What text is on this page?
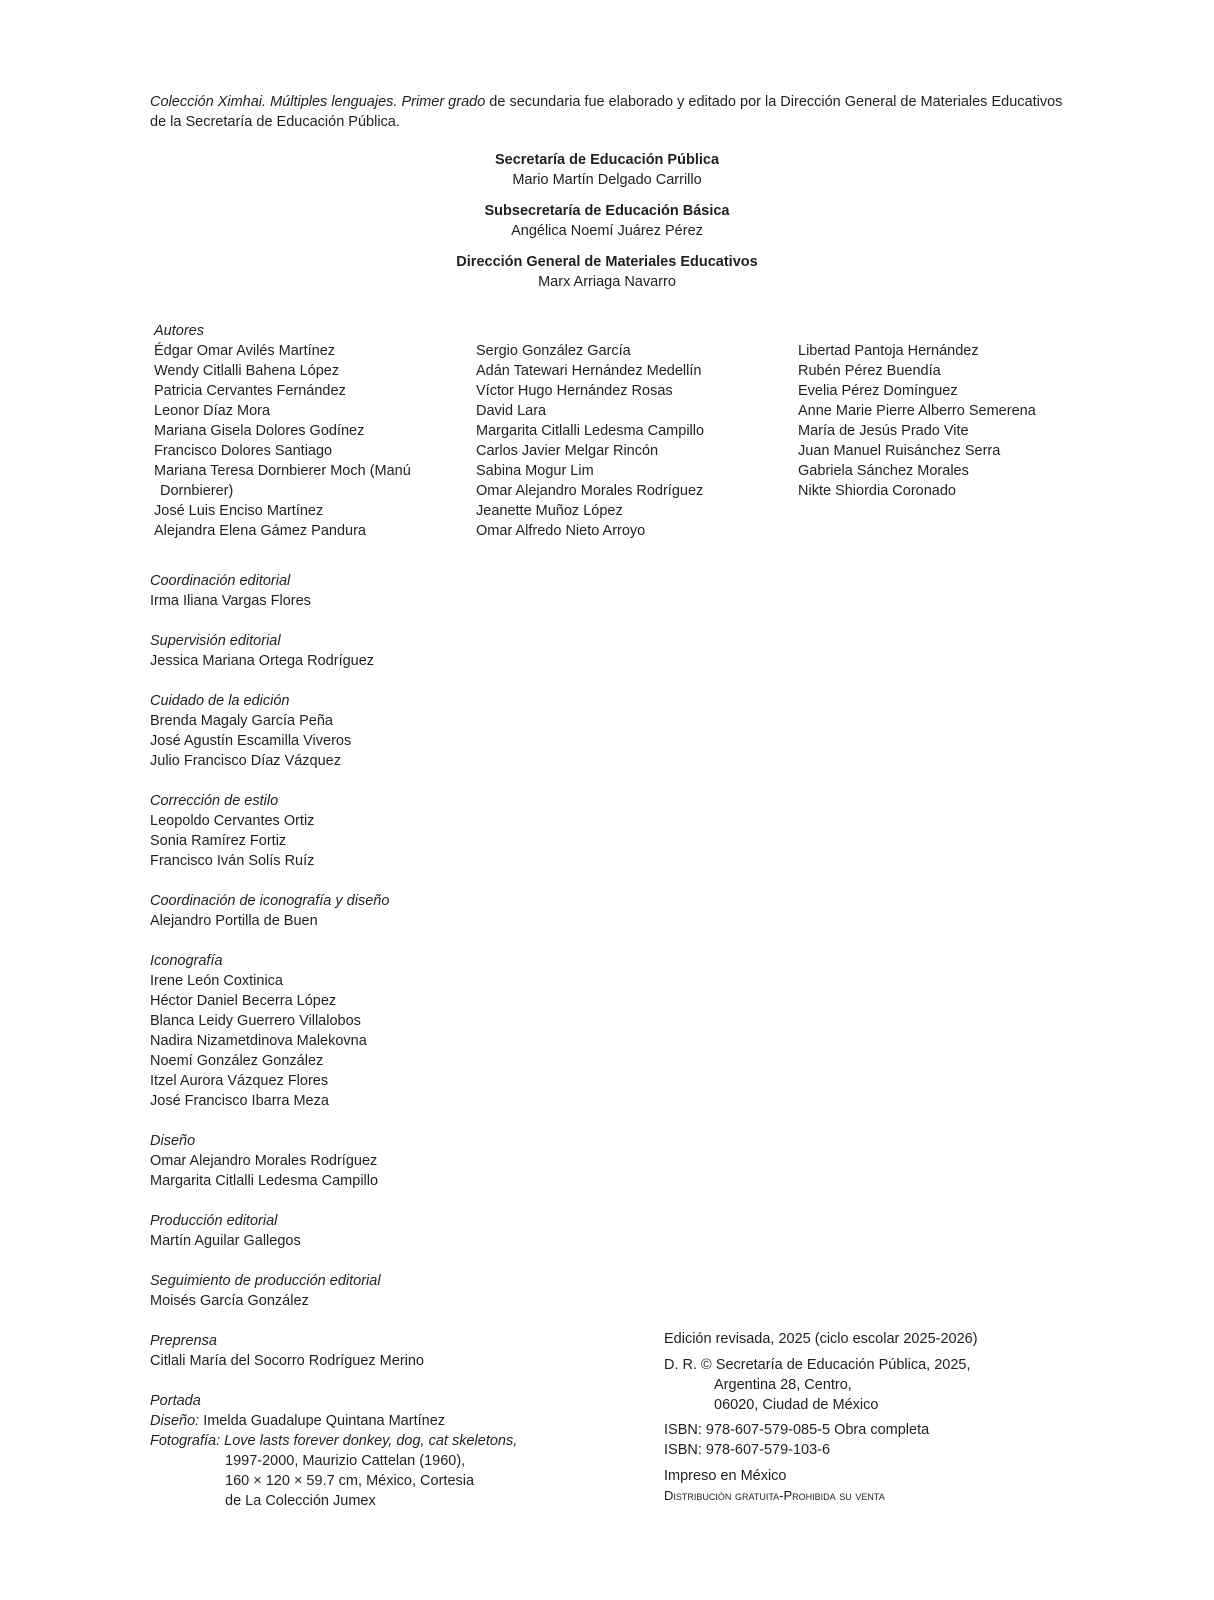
Colección Ximhai. Múltiples lenguajes. Primer grado de secundaria fue elaborado y editado por la Dirección General de Materiales Educativos
de la Secretaría de Educación Pública.
Secretaría de Educación Pública
Mario Martín Delgado Carrillo
Subsecretaría de Educación Básica
Angélica Noemí Juárez Pérez
Dirección General de Materiales Educativos
Marx Arriaga Navarro
Autores
Édgar Omar Avilés Martínez
Wendy Citlalli Bahena López
Patricia Cervantes Fernández
Leonor Díaz Mora
Mariana Gisela Dolores Godínez
Francisco Dolores Santiago
Mariana Teresa Dornbierer Moch (Manú
Dornbierer)
José Luis Enciso Martínez
Alejandra Elena Gámez Pandura
Sergio González García
Adán Tatewari Hernández Medellín
Víctor Hugo Hernández Rosas
David Lara
Margarita Citlalli Ledesma Campillo
Carlos Javier Melgar Rincón
Sabina Mogur Lim
Omar Alejandro Morales Rodríguez
Jeanette Muñoz López
Omar Alfredo Nieto Arroyo
Libertad Pantoja Hernández
Rubén Pérez Buendía
Evelia Pérez Domínguez
Anne Marie Pierre Alberro Semerena
María de Jesús Prado Vite
Juan Manuel Ruisánchez Serra
Gabriela Sánchez Morales
Nikte Shiordia Coronado
Coordinación editorial
Irma Iliana Vargas Flores
Supervisión editorial
Jessica Mariana Ortega Rodríguez
Cuidado de la edición
Brenda Magaly García Peña
José Agustín Escamilla Viveros
Julio Francisco Díaz Vázquez
Corrección de estilo
Leopoldo Cervantes Ortiz
Sonia Ramírez Fortiz
Francisco Iván Solís Ruíz
Coordinación de iconografía y diseño
Alejandro Portilla de Buen
Iconografía
Irene León Coxtinica
Héctor Daniel Becerra López
Blanca Leidy Guerrero Villalobos
Nadira Nizametdinova Malekovna
Noemí González González
Itzel Aurora Vázquez Flores
José Francisco Ibarra Meza
Diseño
Omar Alejandro Morales Rodríguez
Margarita Citlalli Ledesma Campillo
Producción editorial
Martín Aguilar Gallegos
Seguimiento de producción editorial
Moisés García González
Preprensa
Citlali María del Socorro Rodríguez Merino
Portada
Diseño: Imelda Guadalupe Quintana Martínez
Fotografía: Love lasts forever donkey, dog, cat skeletons,
1997-2000, Maurizio Cattelan (1960),
160 × 120 × 59.7 cm, México, Cortesia
de La Colección Jumex
Edición revisada, 2025 (ciclo escolar 2025-2026)
D. R. © Secretaría de Educación Pública, 2025,
Argentina 28, Centro,
06020, Ciudad de México
ISBN: 978-607-579-085-5 Obra completa
ISBN: 978-607-579-103-6
Impreso en México
Distribución gratuita-Prohibida su venta
